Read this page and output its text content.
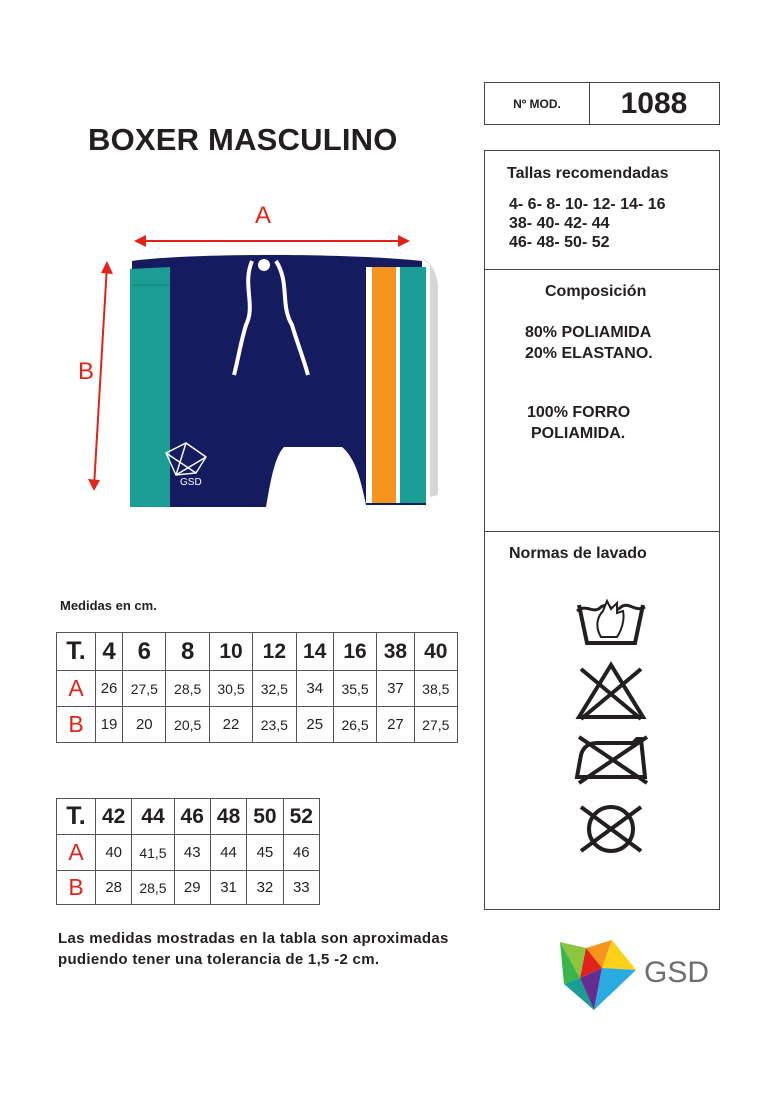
BOXER MASCULINO
Nº MOD.	1088
A
B
GSD
Tallas recomendadas
4- 6- 8- 10- 12- 14- 16
38- 40- 42- 44
46- 48- 50- 52
Composición
80% POLIAMIDA
20% ELASTANO.
100% FORRO
POLIAMIDA.
Normas de lavado
Medidas en cm.
T.	4	6	8	10	12	14	16	38	40
A	26	27,5	28,5	30,5	32,5	34	35,5	37	38,5
B	19	20	20,5	22	23,5	25	26,5	27	27,5
T.	42	44	46	48	50	52
A	40	41,5	43	44	45	46
B	28	28,5	29	31	32	33
Las medidas mostradas en la tabla son aproximadas pudiendo tener una tolerancia de 1,5 -2 cm.	GSD
